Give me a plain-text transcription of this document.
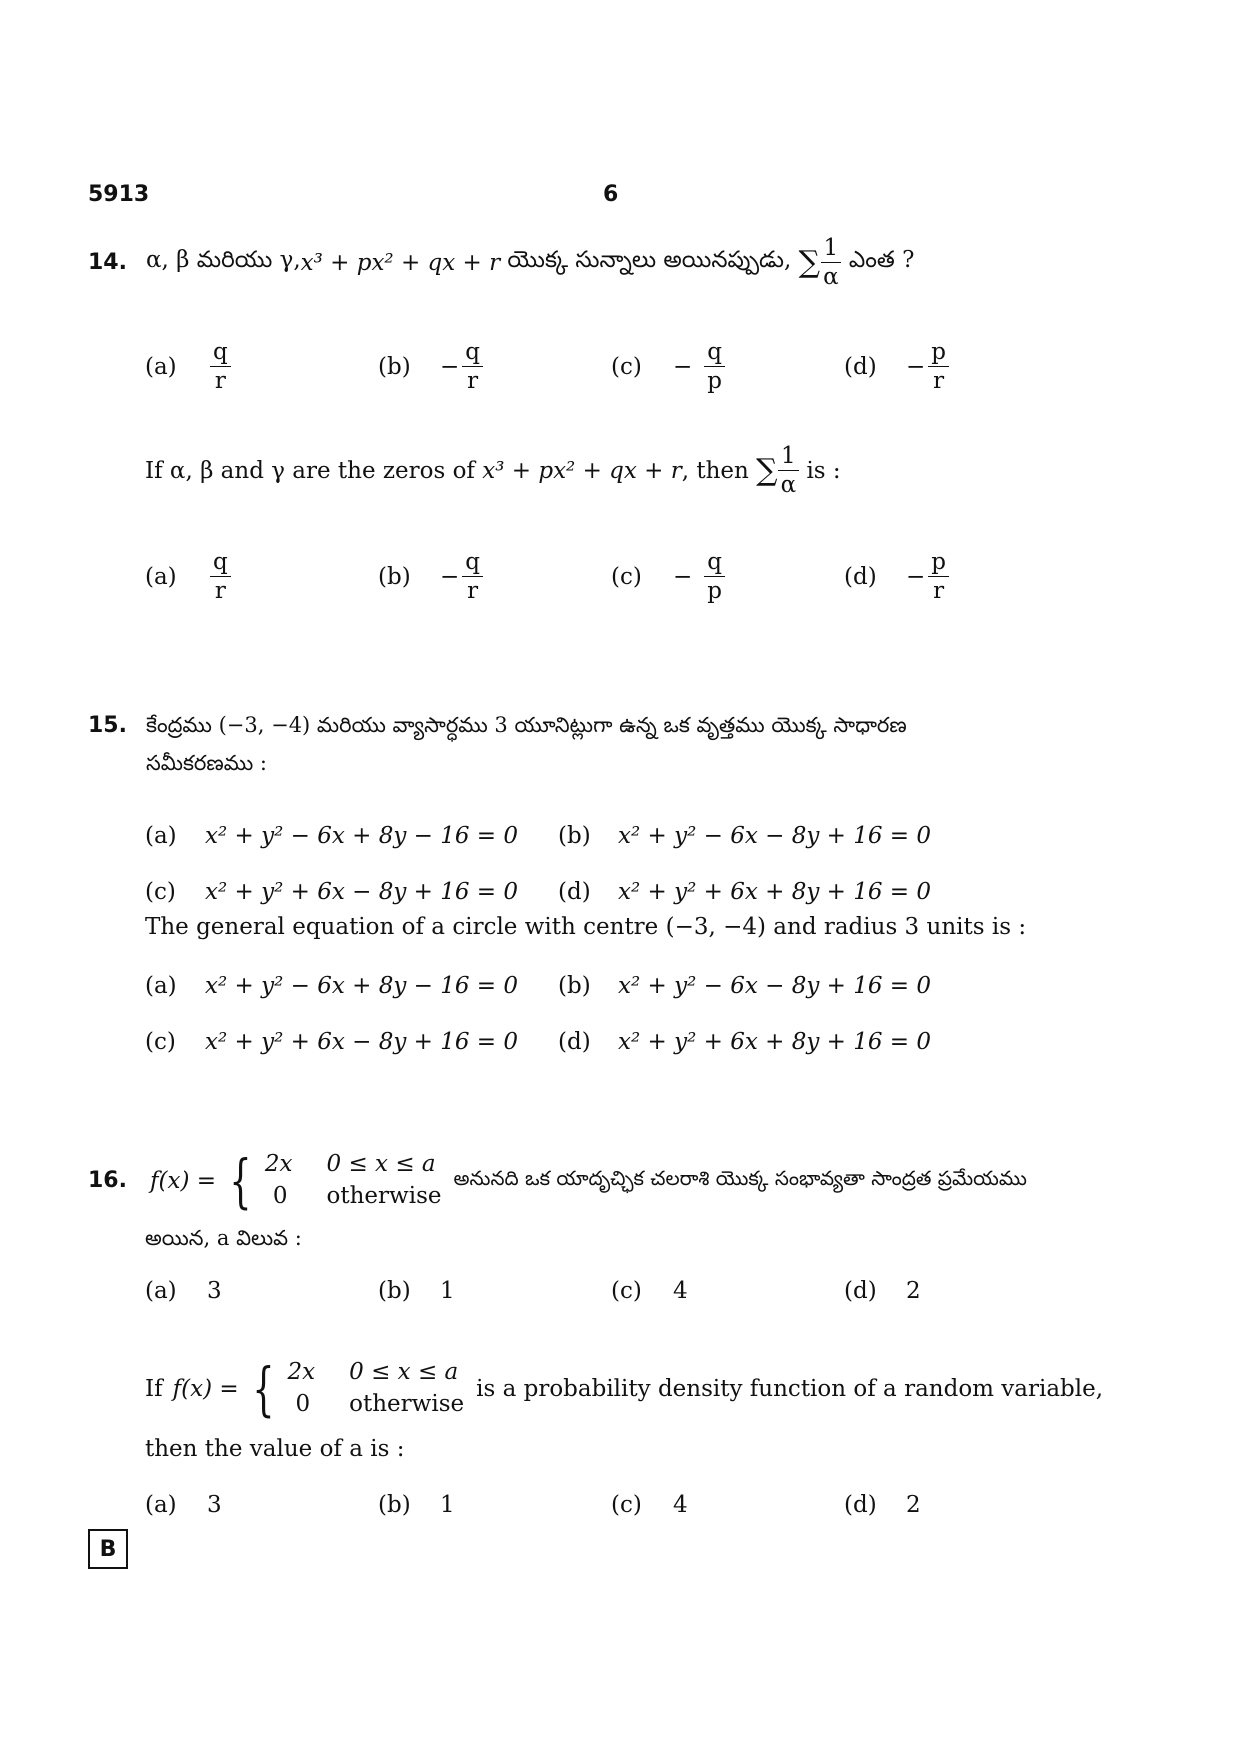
5913	6
14. α, β మరియు γ, x³ + px² + qx + r యొక్క సున్నాలు అయినప్పుడు, ∑ $\frac{1}{\alpha}$ ఎంత ?
(a)	$\frac{q}{r}$	(b)	− $\frac{q}{r}$	(c)	− $\frac{q}{p}$	(d)	− $\frac{p}{r}$
If α, β and γ are the zeros of x³ + px² + qx + r , then ∑ $\frac{1}{\alpha}$ is :
(a)	$\frac{q}{r}$	(b)	− $\frac{q}{r}$	(c)	− $\frac{q}{p}$	(d)	− $\frac{p}{r}$
15. కేంద్రము (−3, −4) మరియు వ్యాసార్ధము 3 యూనిట్లుగా ఉన్న ఒక వృత్తము యొక్క సాధారణ
సమీకరణము :
(a) x² + y² − 6x + 8y − 16 = 0	(b) x² + y² − 6x − 8y + 16 = 0
(c) x² + y² + 6x − 8y + 16 = 0	(d) x² + y² + 6x + 8y + 16 = 0
The general equation of a circle with centre (−3, −4) and radius 3 units is :
(a) x² + y² − 6x + 8y − 16 = 0	(b) x² + y² − 6x − 8y + 16 = 0
(c) x² + y² + 6x − 8y + 16 = 0	(d) x² + y² + 6x + 8y + 16 = 0
16.	f(x) = { 2x 0 ≤ x ≤ a
0 otherwise
అనునది ఒక యాదృచ్ఛిక చలరాశి యొక్క సంభావ్యతా సాంద్రత ప్రమేయము
అయిన, a విలువ :
(a) 3	(b) 1	(c) 4	(d) 2
If f(x) = { 2x 0 ≤ x ≤ a
0 otherwise
is a probability density function of a random variable,
then the value of a is :
(a) 3	(b) 1	(c) 4	(d) 2
B
